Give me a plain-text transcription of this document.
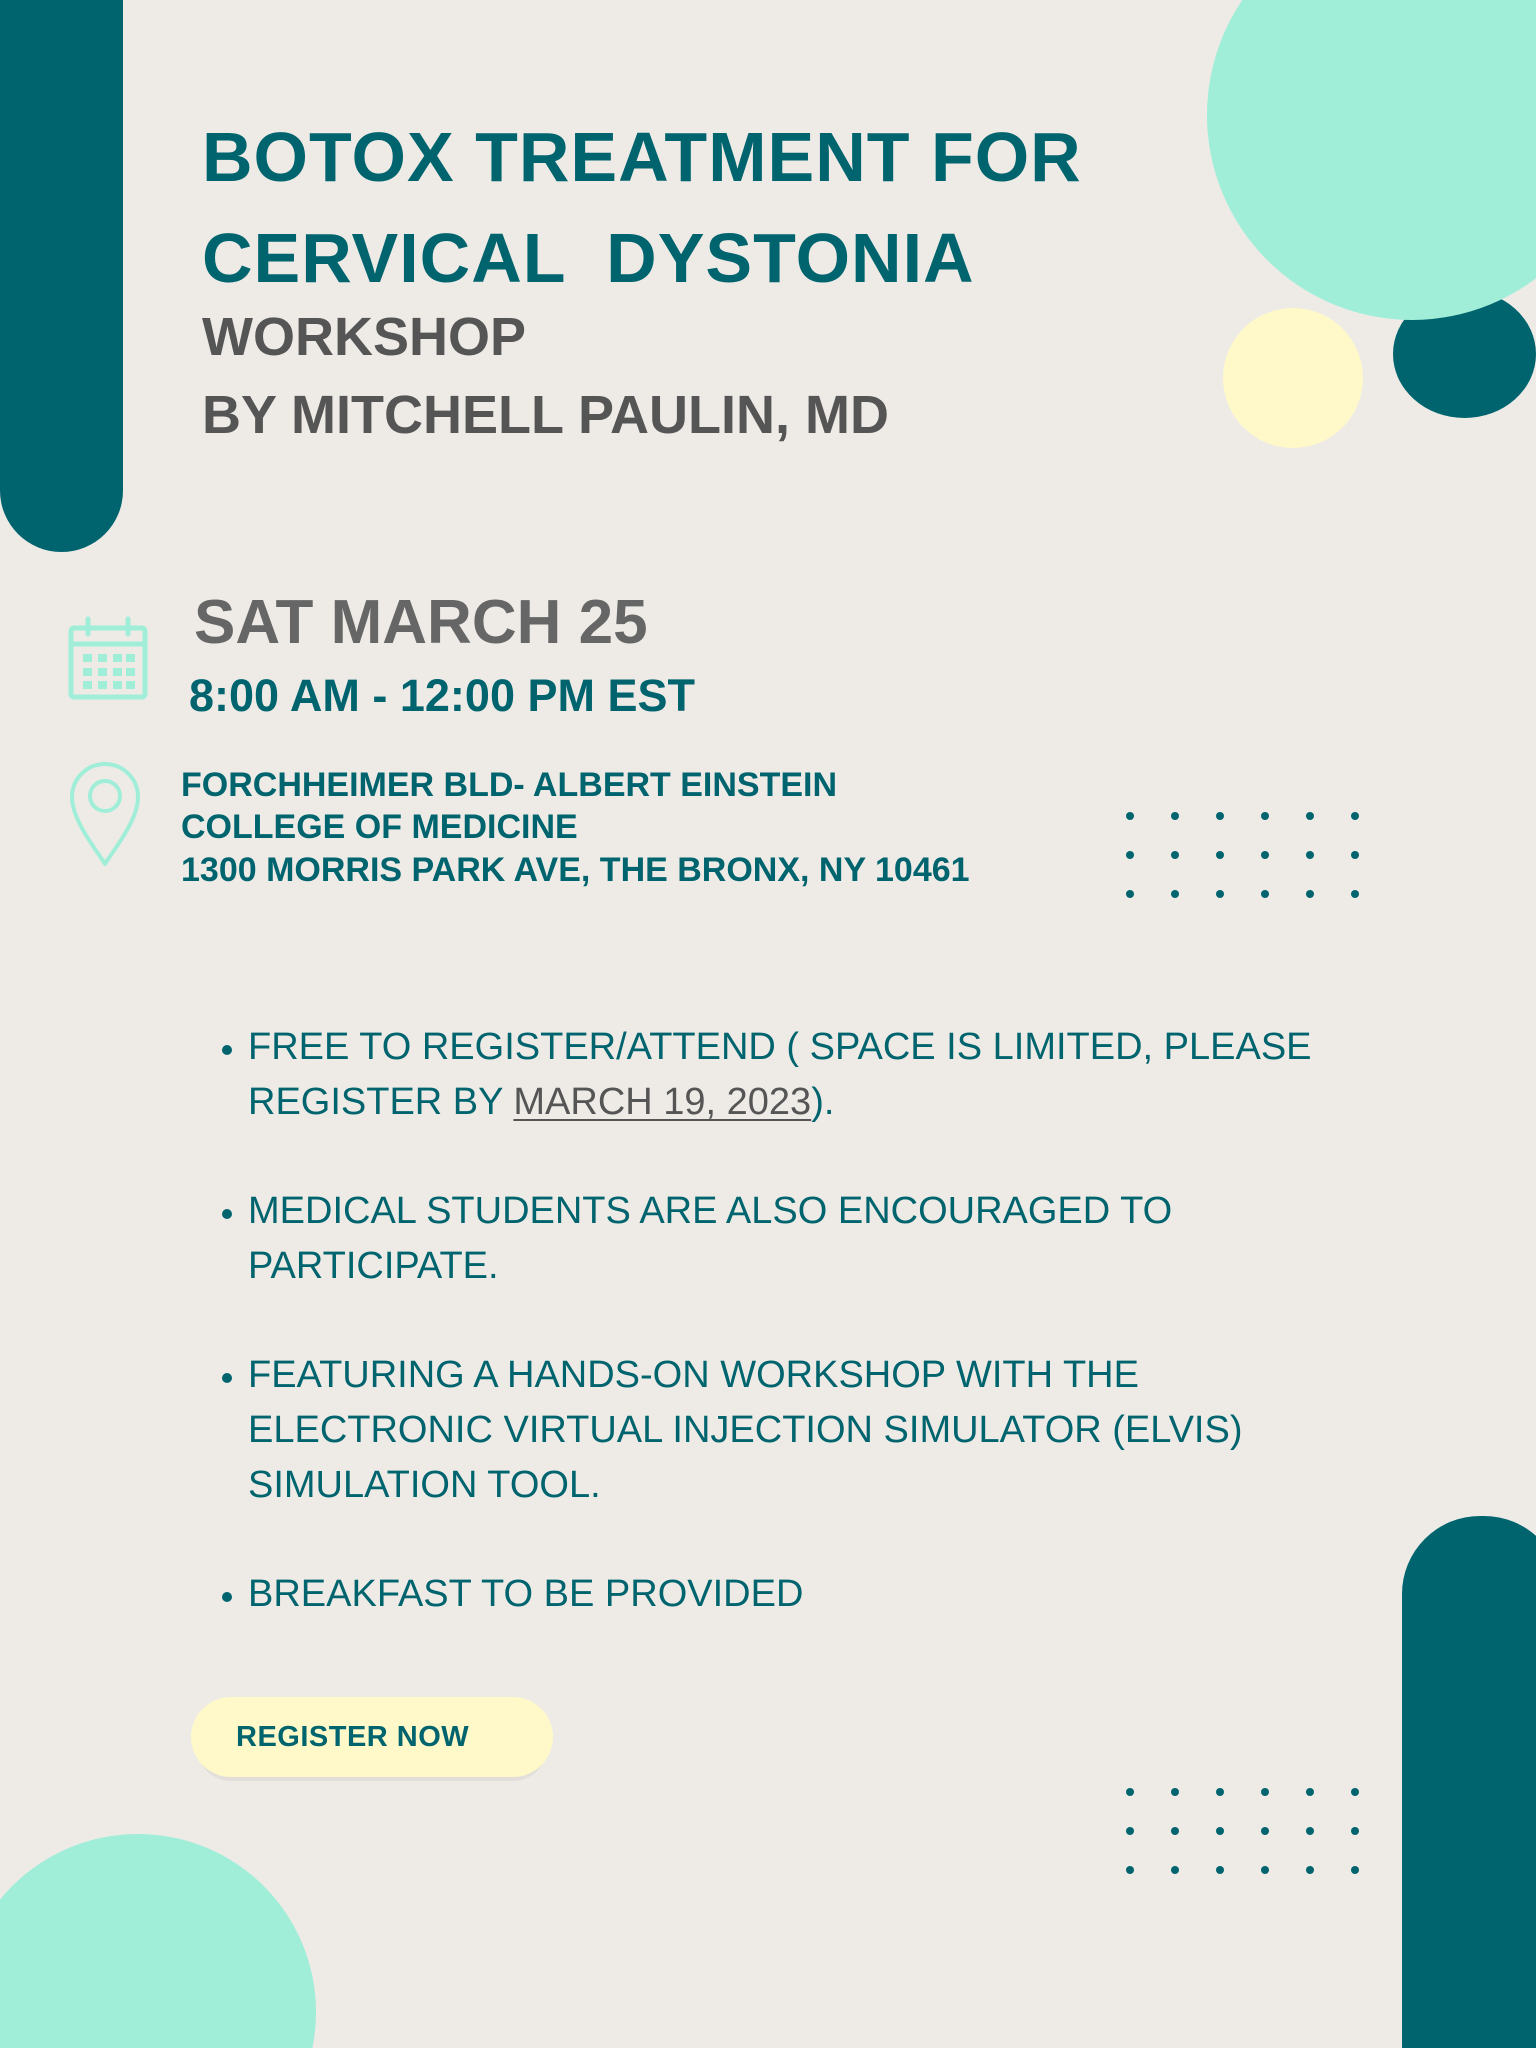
BOTOX TREATMENT FOR
CERVICAL  DYSTONIA
WORKSHOP
BY MITCHELL PAULIN, MD
SAT MARCH 25
8:00 AM - 12:00 PM EST
FORCHHEIMER BLD- ALBERT EINSTEIN
COLLEGE OF MEDICINE
1300 MORRIS PARK AVE, THE BRONX, NY 10461
FREE TO REGISTER/ATTEND ( SPACE IS LIMITED, PLEASE
REGISTER BY MARCH 19, 2023).
MEDICAL STUDENTS ARE ALSO ENCOURAGED TO
PARTICIPATE.
FEATURING A HANDS-ON WORKSHOP WITH THE
ELECTRONIC VIRTUAL INJECTION SIMULATOR (ELVIS)
SIMULATION TOOL.
BREAKFAST TO BE PROVIDED
REGISTER NOW
